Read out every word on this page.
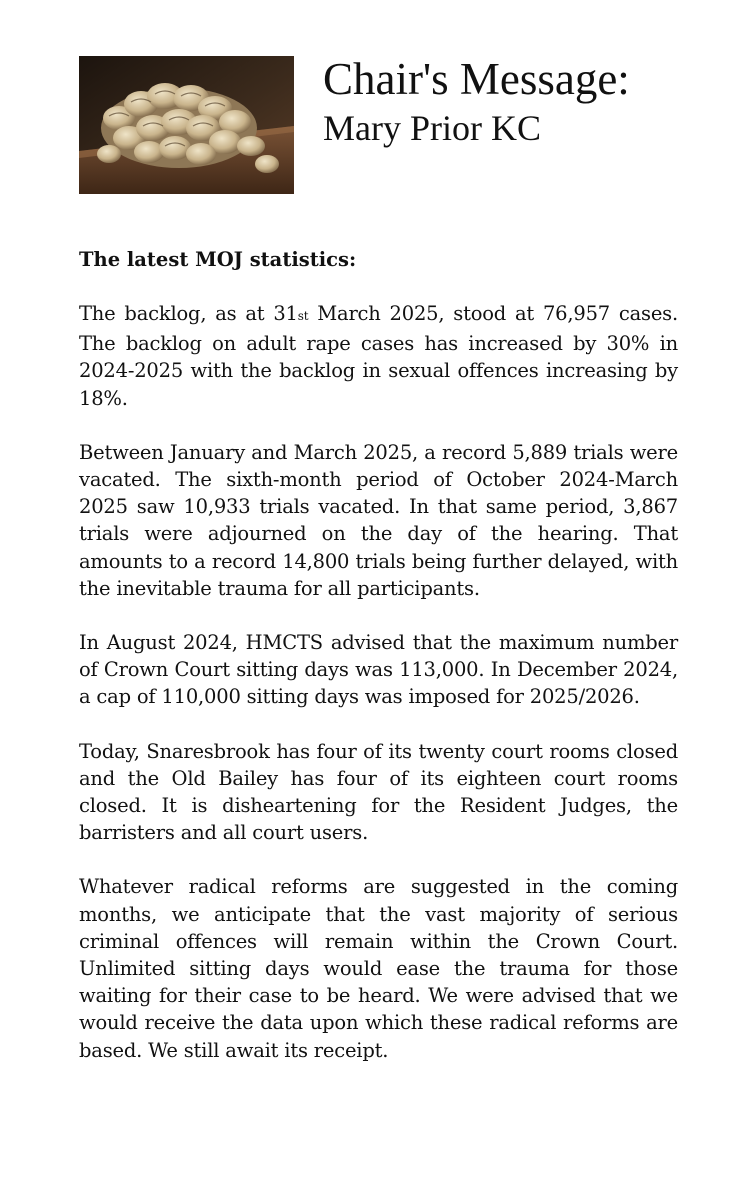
Chair's Message:
Mary Prior KC

The latest MOJ statistics:

The backlog, as at 31st March 2025, stood at 76,957 cases. The backlog on adult rape cases has increased by 30% in 2024-2025 with the backlog in sexual offences increasing by 18%.

Between January and March 2025, a record 5,889 trials were vacated. The sixth-month period of October 2024-March 2025 saw 10,933 trials vacated. In that same period, 3,867 trials were adjourned on the day of the hearing. That amounts to a record 14,800 trials being further delayed, with the inevitable trauma for all participants.

In August 2024, HMCTS advised that the maximum number of Crown Court sitting days was 113,000. In December 2024, a cap of 110,000 sitting days was imposed for 2025/2026.

Today, Snaresbrook has four of its twenty court rooms closed and the Old Bailey has four of its eighteen court rooms closed. It is disheartening for the Resident Judges, the barristers and all court users.

Whatever radical reforms are suggested in the coming months, we anticipate that the vast majority of serious criminal offences will remain within the Crown Court. Unlimited sitting days would ease the trauma for those waiting for their case to be heard. We were advised that we would receive the data upon which these radical reforms are based. We still await its receipt.
